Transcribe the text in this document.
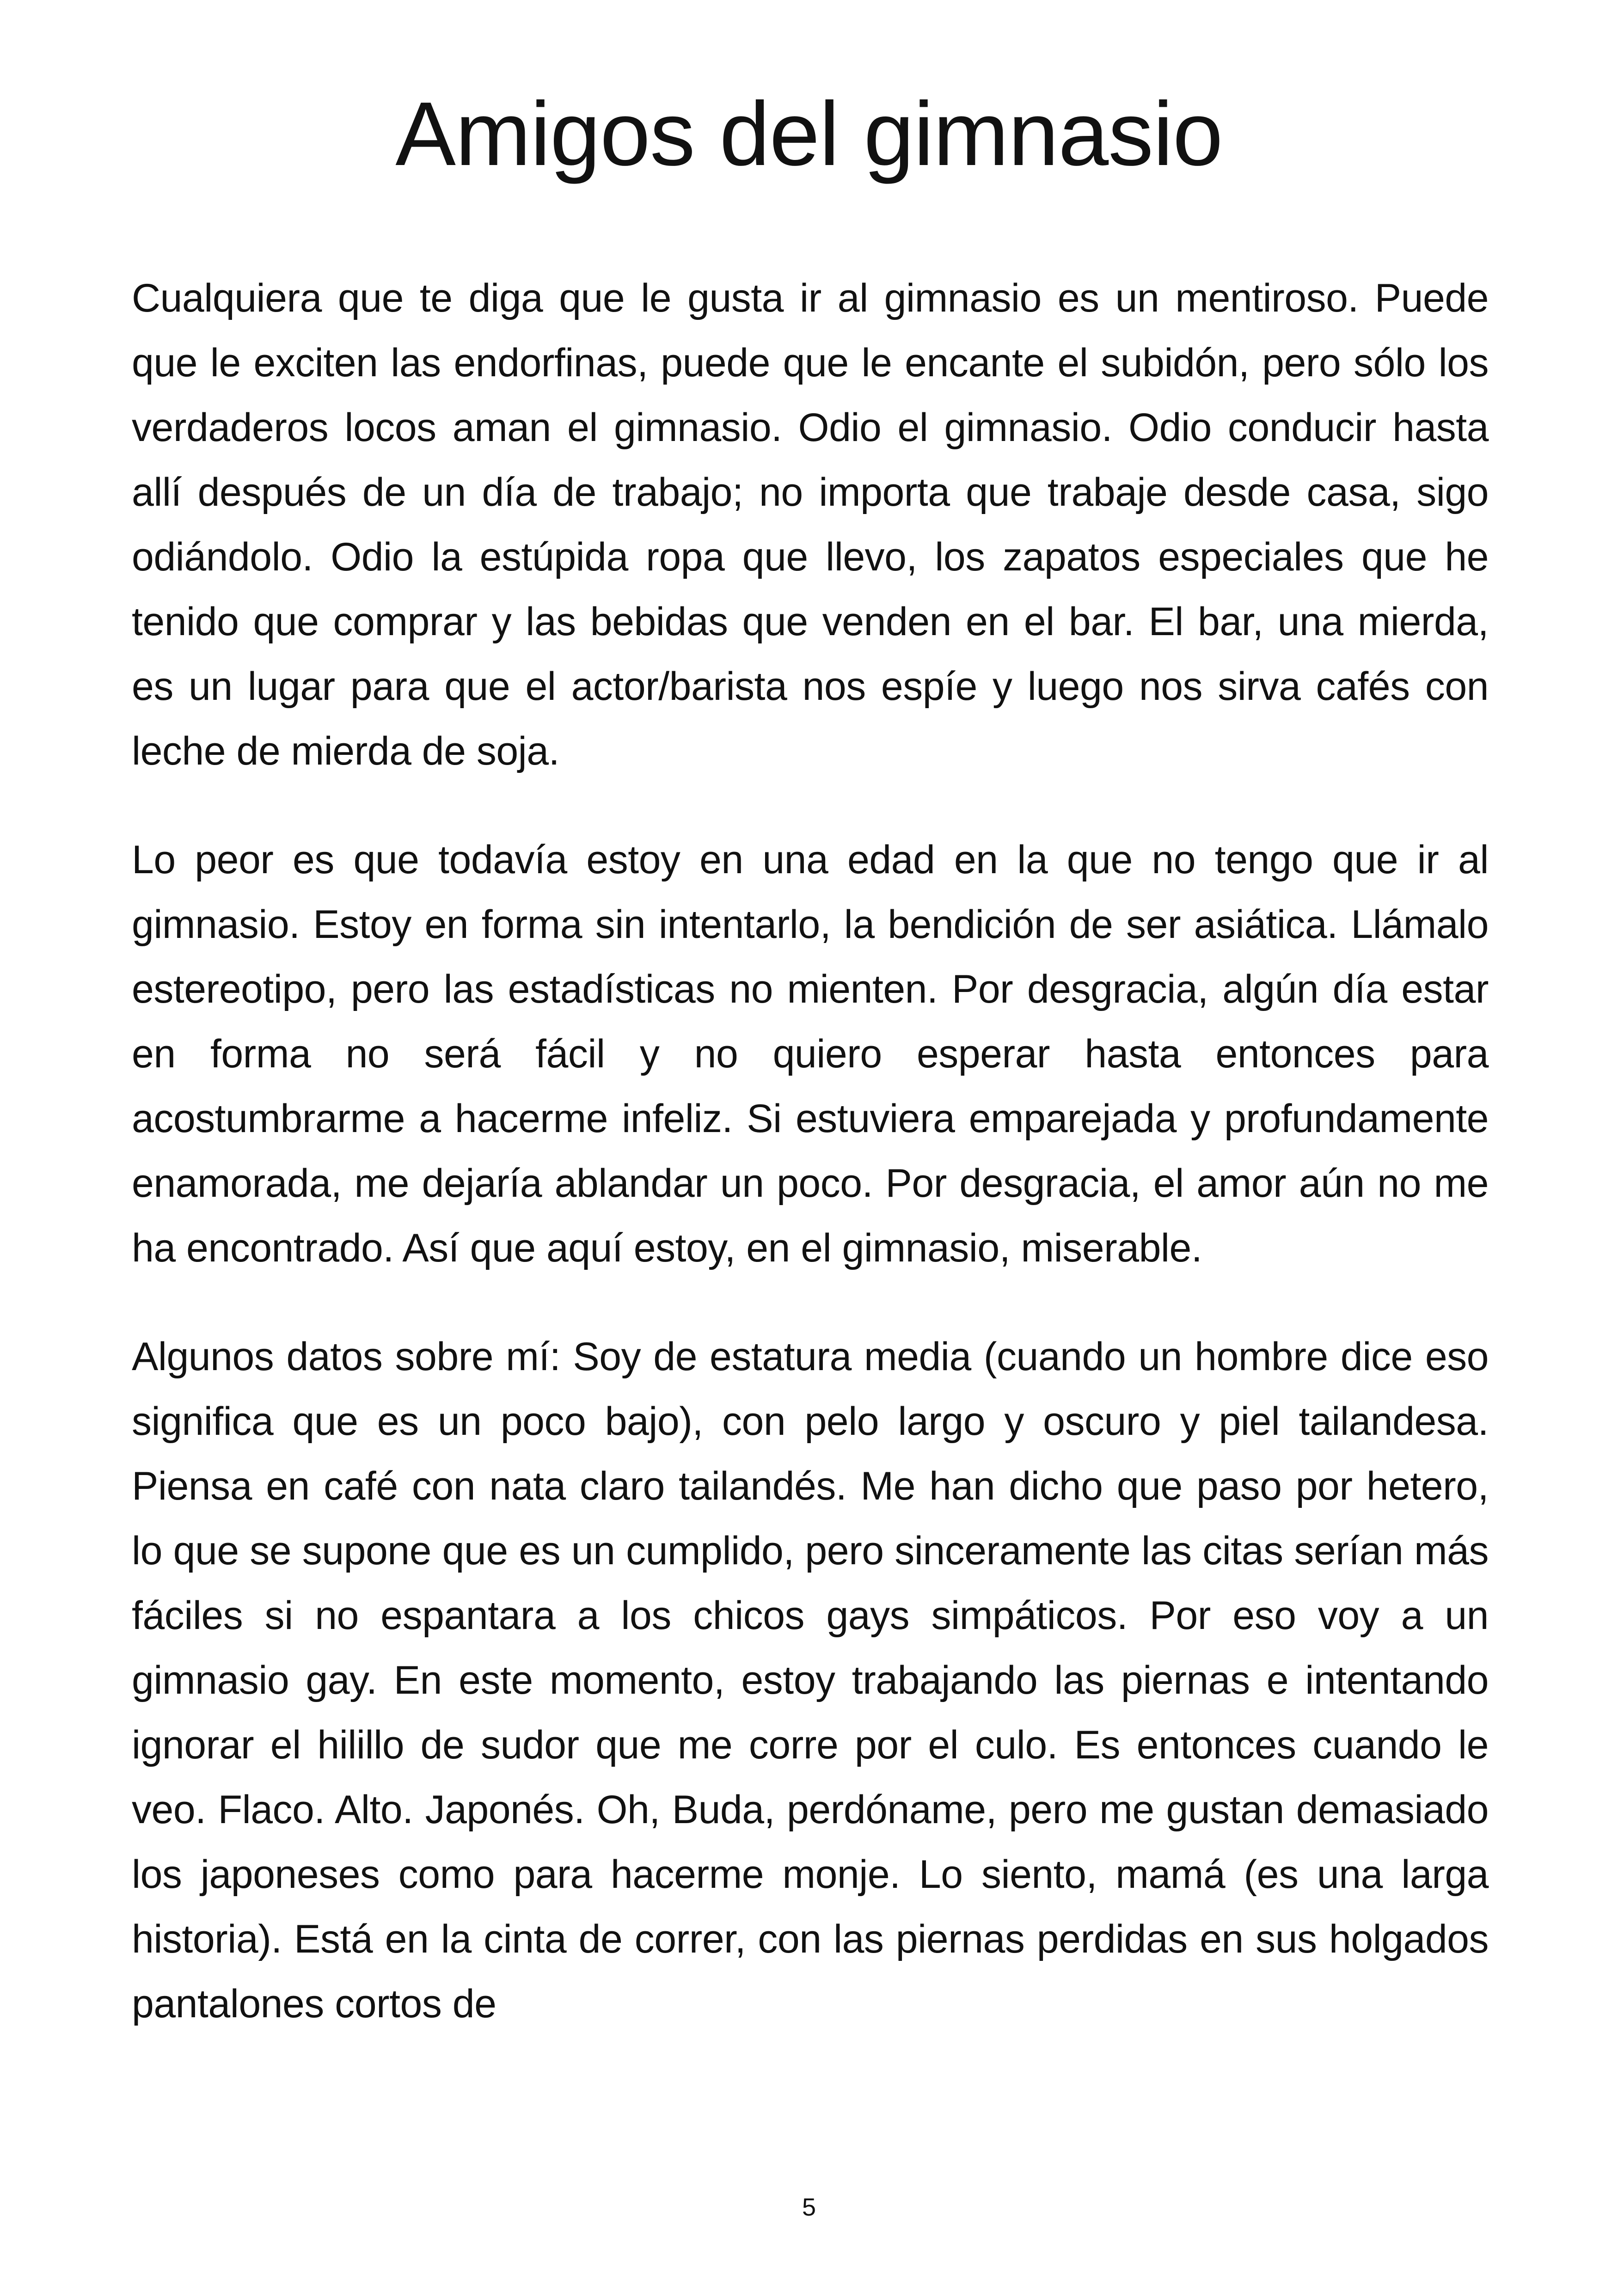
Amigos del gimnasio

Cualquiera que te diga que le gusta ir al gimnasio es un mentiroso. Puede que le exciten las endorfinas, puede que le encante el subidón, pero sólo los verdaderos locos aman el gimnasio. Odio el gimnasio. Odio conducir hasta allí después de un día de trabajo; no importa que trabaje desde casa, sigo odiándolo. Odio la estúpida ropa que llevo, los zapatos especiales que he tenido que comprar y las bebidas que venden en el bar. El bar, una mierda, es un lugar para que el actor/barista nos espíe y luego nos sirva cafés con leche de mierda de soja.

Lo peor es que todavía estoy en una edad en la que no tengo que ir al gimnasio. Estoy en forma sin intentarlo, la bendición de ser asiática. Llámalo estereotipo, pero las estadísticas no mienten. Por desgracia, algún día estar en forma no será fácil y no quiero esperar hasta entonces para acostumbrarme a hacerme infeliz. Si estuviera emparejada y profundamente enamorada, me dejaría ablandar un poco. Por desgracia, el amor aún no me ha encontrado. Así que aquí estoy, en el gimnasio, miserable.

Algunos datos sobre mí: Soy de estatura media (cuando un hombre dice eso significa que es un poco bajo), con pelo largo y oscuro y piel tailandesa. Piensa en café con nata claro tailandés. Me han dicho que paso por hetero, lo que se supone que es un cumplido, pero sinceramente las citas serían más fáciles si no espantara a los chicos gays simpáticos. Por eso voy a un gimnasio gay. En este momento, estoy trabajando las piernas e intentando ignorar el hilillo de sudor que me corre por el culo. Es entonces cuando le veo. Flaco. Alto. Japonés. Oh, Buda, perdóname, pero me gustan demasiado los japoneses como para hacerme monje. Lo siento, mamá (es una larga historia). Está en la cinta de correr, con las piernas perdidas en sus holgados pantalones cortos de

5
